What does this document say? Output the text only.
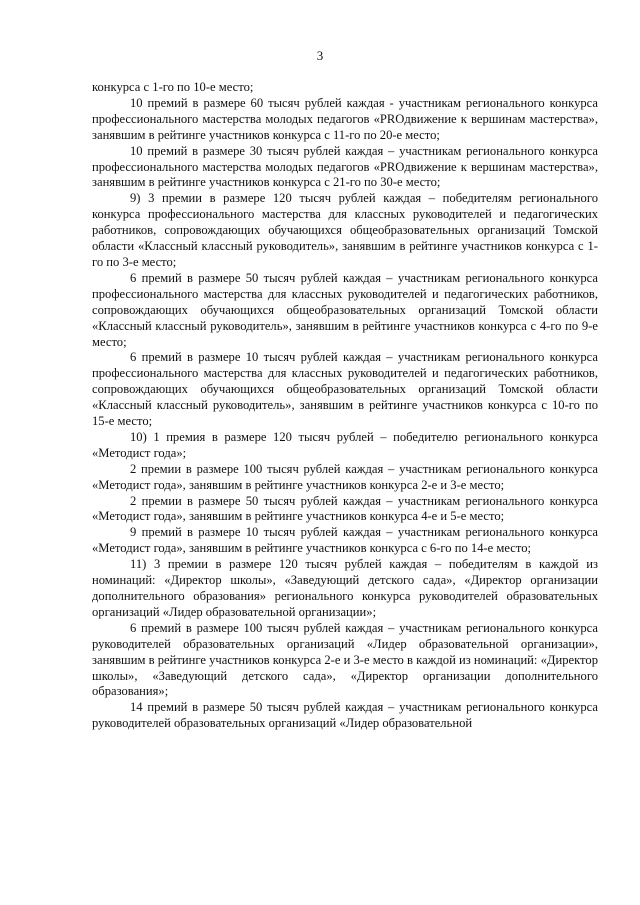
3

конкурса с 1-го по 10-е место;

10 премий в размере 60 тысяч рублей каждая - участникам регионального конкурса профессионального мастерства молодых педагогов «PROдвижение к вершинам мастерства», занявшим в рейтинге участников конкурса с 11-го по 20-е место;

10 премий в размере 30 тысяч рублей каждая – участникам регионального конкурса профессионального мастерства молодых педагогов «PROдвижение к вершинам мастерства», занявшим в рейтинге участников конкурса с 21-го по 30-е место;

9) 3 премии в размере 120 тысяч рублей каждая – победителям регионального конкурса профессионального мастерства для классных руководителей и педагогических работников, сопровождающих обучающихся общеобразовательных организаций Томской области «Классный классный руководитель», занявшим в рейтинге участников конкурса с 1-го по 3-е место;

6 премий в размере 50 тысяч рублей каждая – участникам регионального конкурса профессионального мастерства для классных руководителей и педагогических работников, сопровождающих обучающихся общеобразовательных организаций Томской области «Классный классный руководитель», занявшим в рейтинге участников конкурса с 4-го по 9-е место;

6 премий в размере 10 тысяч рублей каждая – участникам регионального конкурса профессионального мастерства для классных руководителей и педагогических работников, сопровождающих обучающихся общеобразовательных организаций Томской области «Классный классный руководитель», занявшим в рейтинге участников конкурса с 10-го по 15-е место;

10) 1 премия в размере 120 тысяч рублей – победителю регионального конкурса «Методист года»;

2 премии в размере 100 тысяч рублей каждая – участникам регионального конкурса «Методист года», занявшим в рейтинге участников конкурса 2-е и 3-е место;

2 премии в размере 50 тысяч рублей каждая – участникам регионального конкурса «Методист года», занявшим в рейтинге участников конкурса 4-е и 5-е место;

9 премий в размере 10 тысяч рублей каждая – участникам регионального конкурса «Методист года», занявшим в рейтинге участников конкурса с 6-го по 14-е место;

11) 3 премии в размере 120 тысяч рублей каждая – победителям в каждой из номинаций: «Директор школы», «Заведующий детского сада», «Директор организации дополнительного образования» регионального конкурса руководителей образовательных организаций «Лидер образовательной организации»;

6 премий в размере 100 тысяч рублей каждая – участникам регионального конкурса руководителей образовательных организаций «Лидер образовательной организации», занявшим в рейтинге участников конкурса 2-е и 3-е место в каждой из номинаций: «Директор школы», «Заведующий детского сада», «Директор организации дополнительного образования»;

14 премий в размере 50 тысяч рублей каждая – участникам регионального конкурса руководителей образовательных организаций «Лидер образовательной
